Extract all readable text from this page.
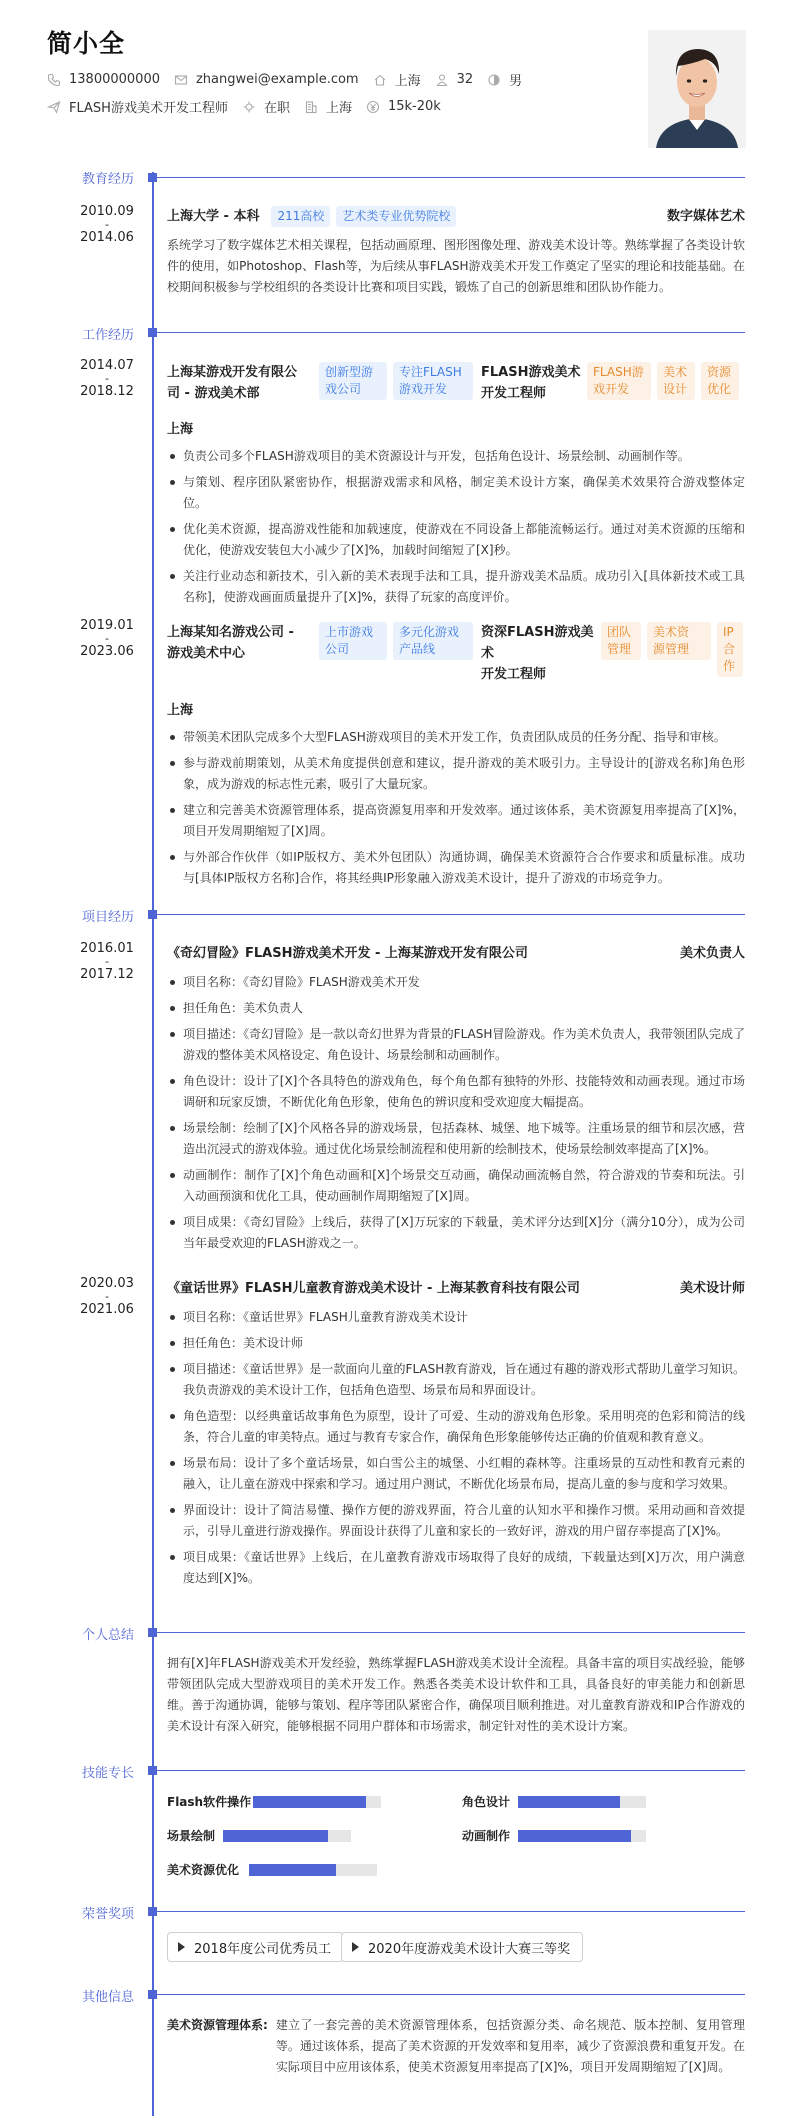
简小全
13800000000	zhangwei@example.com	上海	32	男
FLASH游戏美术开发工程师	在职	上海	15k-20k
教育经历
2010.09
-
2014.06
上海大学 - 本科	211高校	艺术类专业优势院校	数字媒体艺术

系统学习了数字媒体艺术相关课程，包括动画原理、图形图像处理、游戏美术设计等。熟练掌握了各类设计软件的使用，如Photoshop、Flash等，为后续从事FLASH游戏美术开发工作奠定了坚实的理论和技能基础。在校期间积极参与学校组织的各类设计比赛和项目实践，锻炼了自己的创新思维和团队协作能力。

工作经历
2014.07
-
2018.12
上海某游戏开发有限公
司 - 游戏美术部
创新型游
戏公司
专注FLASH
游戏开发
FLASH游戏美术
开发工程师
FLASH游
戏开发
美术
设计
资源
优化
上海
负责公司多个FLASH游戏项目的美术资源设计与开发，包括角色设计、场景绘制、动画制作等。
与策划、程序团队紧密协作，根据游戏需求和风格，制定美术设计方案，确保美术效果符合游戏整体定位。
优化美术资源，提高游戏性能和加载速度，使游戏在不同设备上都能流畅运行。通过对美术资源的压缩和优化，使游戏安装包大小减少了[X]%，加载时间缩短了[X]秒。
关注行业动态和新技术，引入新的美术表现手法和工具，提升游戏美术品质。成功引入[具体新技术或工具名称]，使游戏画面质量提升了[X]%，获得了玩家的高度评价。
2019.01
-
2023.06
上海某知名游戏公司 -
游戏美术中心
上市游戏
公司
多元化游戏
产品线
资深FLASH游戏美术
开发工程师
团队
管理
美术资
源管理
IP
合
作
上海
带领美术团队完成多个大型FLASH游戏项目的美术开发工作，负责团队成员的任务分配、指导和审核。
参与游戏前期策划，从美术角度提供创意和建议，提升游戏的美术吸引力。主导设计的[游戏名称]角色形象，成为游戏的标志性元素，吸引了大量玩家。
建立和完善美术资源管理体系，提高资源复用率和开发效率。通过该体系，美术资源复用率提高了[X]%，项目开发周期缩短了[X]周。
与外部合作伙伴（如IP版权方、美术外包团队）沟通协调，确保美术资源符合合作要求和质量标准。成功与[具体IP版权方名称]合作，将其经典IP形象融入游戏美术设计，提升了游戏的市场竞争力。
项目经历
2016.01
-
2017.12
《奇幻冒险》FLASH游戏美术开发 - 上海某游戏开发有限公司	美术负责人
项目名称：《奇幻冒险》FLASH游戏美术开发
担任角色：美术负责人
项目描述：《奇幻冒险》是一款以奇幻世界为背景的FLASH冒险游戏。作为美术负责人，我带领团队完成了游戏的整体美术风格设定、角色设计、场景绘制和动画制作。
角色设计：设计了[X]个各具特色的游戏角色，每个角色都有独特的外形、技能特效和动画表现。通过市场调研和玩家反馈，不断优化角色形象，使角色的辨识度和受欢迎度大幅提高。
场景绘制：绘制了[X]个风格各异的游戏场景，包括森林、城堡、地下城等。注重场景的细节和层次感，营造出沉浸式的游戏体验。通过优化场景绘制流程和使用新的绘制技术，使场景绘制效率提高了[X]%。
动画制作：制作了[X]个角色动画和[X]个场景交互动画，确保动画流畅自然，符合游戏的节奏和玩法。引入动画预演和优化工具，使动画制作周期缩短了[X]周。
项目成果：《奇幻冒险》上线后，获得了[X]万玩家的下载量，美术评分达到[X]分（满分10分），成为公司当年最受欢迎的FLASH游戏之一。
2020.03
-
2021.06
《童话世界》FLASH儿童教育游戏美术设计 - 上海某教育科技有限公司	美术设计师
项目名称：《童话世界》FLASH儿童教育游戏美术设计
担任角色：美术设计师
项目描述：《童话世界》是一款面向儿童的FLASH教育游戏，旨在通过有趣的游戏形式帮助儿童学习知识。我负责游戏的美术设计工作，包括角色造型、场景布局和界面设计。
角色造型：以经典童话故事角色为原型，设计了可爱、生动的游戏角色形象。采用明亮的色彩和简洁的线条，符合儿童的审美特点。通过与教育专家合作，确保角色形象能够传达正确的价值观和教育意义。
场景布局：设计了多个童话场景，如白雪公主的城堡、小红帽的森林等。注重场景的互动性和教育元素的融入，让儿童在游戏中探索和学习。通过用户测试，不断优化场景布局，提高儿童的参与度和学习效果。
界面设计：设计了简洁易懂、操作方便的游戏界面，符合儿童的认知水平和操作习惯。采用动画和音效提示，引导儿童进行游戏操作。界面设计获得了儿童和家长的一致好评，游戏的用户留存率提高了[X]%。
项目成果：《童话世界》上线后，在儿童教育游戏市场取得了良好的成绩，下载量达到[X]万次，用户满意度达到[X]%。
个人总结

拥有[X]年FLASH游戏美术开发经验，熟练掌握FLASH游戏美术设计全流程。具备丰富的项目实战经验，能够带领团队完成大型游戏项目的美术开发工作。熟悉各类美术设计软件和工具，具备良好的审美能力和创新思维。善于沟通协调，能够与策划、程序等团队紧密合作，确保项目顺利推进。对儿童教育游戏和IP合作游戏的美术设计有深入研究，能够根据不同用户群体和市场需求，制定针对性的美术设计方案。

技能专长
Flash软件操作	角色设计
场景绘制	动画制作
美术资源优化
荣誉奖项
2018年度公司优秀员工	2020年度游戏美术设计大赛三等奖
其他信息
美术资源管理体系: 建立了一套完善的美术资源管理体系，包括资源分类、命名规范、版本控制、复用管理等。通过该体系，提高了美术资源的开发效率和复用率，减少了资源浪费和重复开发。在实际项目中应用该体系，使美术资源复用率提高了[X]%，项目开发周期缩短了[X]周。
